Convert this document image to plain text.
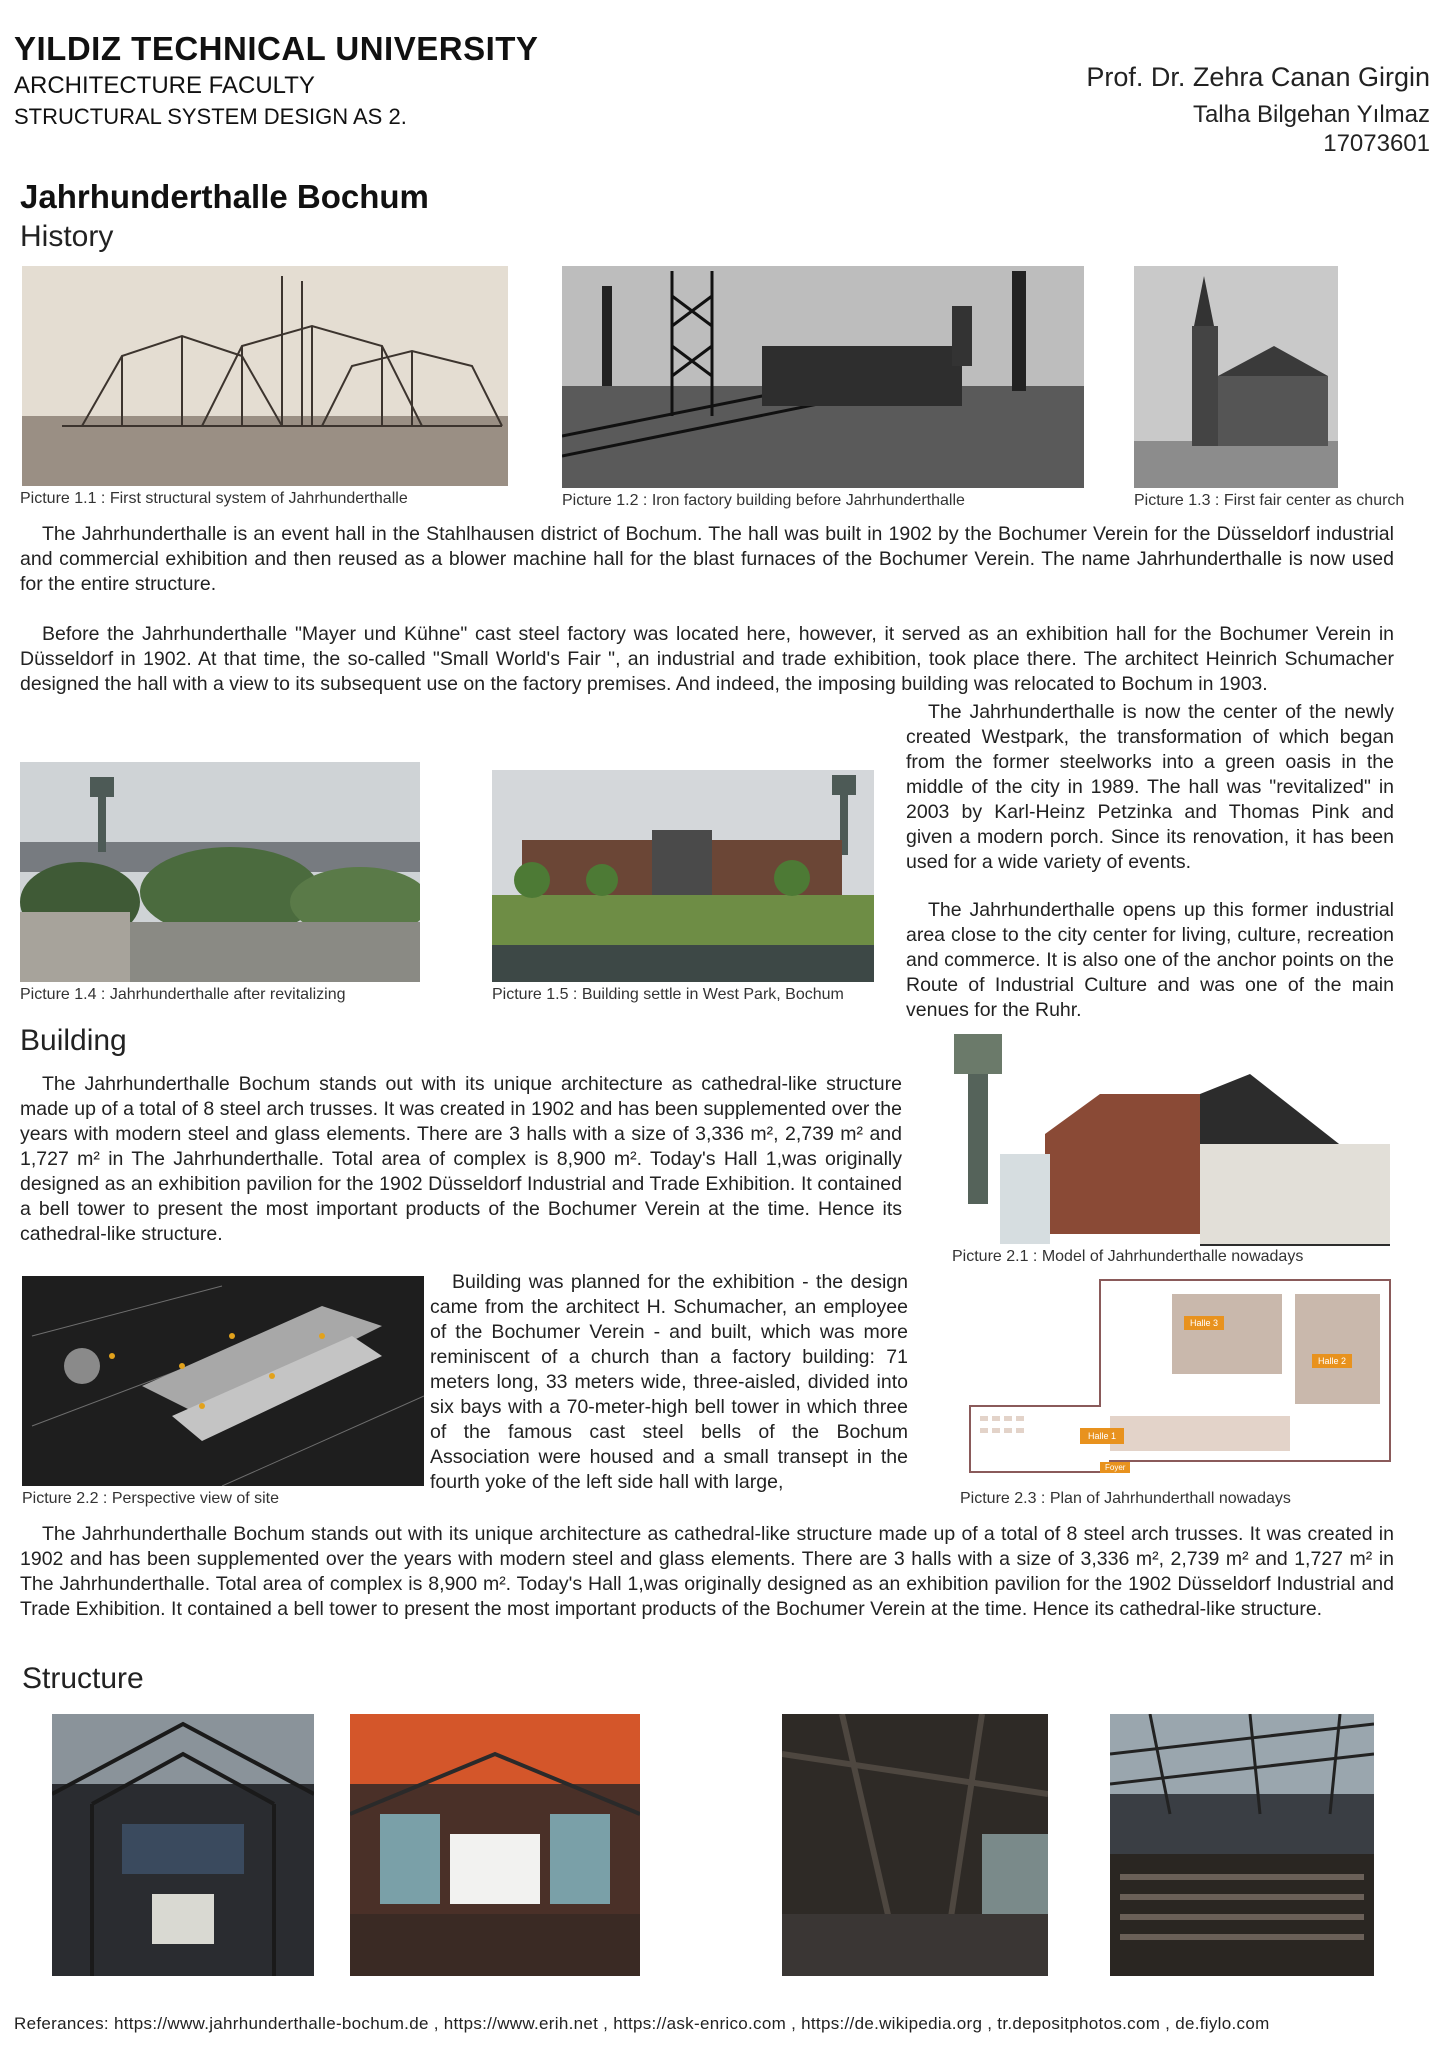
YILDIZ TECHNICAL UNIVERSITY
ARCHITECTURE FACULTY
STRUCTURAL SYSTEM DESIGN AS 2.
Prof. Dr. Zehra Canan Girgin
Talha Bilgehan Yılmaz
17073601
Jahrhunderthalle Bochum
History
Picture 1.1 : First structural system of Jahrhunderthalle	Picture 1.2 : Iron factory building before Jahrhunderthalle	Picture 1.3 : First fair center as church

The Jahrhunderthalle is an event hall in the Stahlhausen district of Bochum. The hall was built in 1902 by the Bochumer Verein for the Düsseldorf industrial and commercial exhibition and then reused as a blower machine hall for the blast furnaces of the Bochumer Verein. The name Jahrhunderthalle is now used for the entire structure.

Before the Jahrhunderthalle "Mayer und Kühne" cast steel factory was located here, however, it served as an exhibition hall for the Bochumer Verein in Düsseldorf in 1902. At that time, the so-called "Small World's Fair ", an industrial and trade exhibition, took place there. The architect Heinrich Schumacher designed the hall with a view to its subsequent use on the factory premises. And indeed, the imposing building was relocated to Bochum in 1903.

The Jahrhunderthalle is now the center of the newly created Westpark, the transformation of which began from the former steelworks into a green oasis in the middle of the city in 1989. The hall was "revitalized" in 2003 by Karl-Heinz Petzinka and Thomas Pink and given a modern porch. Since its renovation, it has been used for a wide variety of events.

The Jahrhunderthalle opens up this former industrial area close to the city center for living, culture, recreation and commerce. It is also one of the anchor points on the Route of Industrial Culture and was one of the main venues for the Ruhr.

Picture 1.4 : Jahrhunderthalle after revitalizing	Picture 1.5 : Building settle in West Park, Bochum
Building

The Jahrhunderthalle Bochum stands out with its unique architecture as cathedral-like structure made up of a total of 8 steel arch trusses. It was created in 1902 and has been supplemented over the years with modern steel and glass elements. There are 3 halls with a size of 3,336 m², 2,739 m² and 1,727 m² in The Jahrhunderthalle. Total area of complex is 8,900 m². Today's Hall 1,was originally designed as an exhibition pavilion for the 1902 Düsseldorf Industrial and Trade Exhibition. It contained a bell tower to present the most important products of the Bochumer Verein at the time. Hence its cathedral-like structure.

Picture 2.1 : Model of Jahrhunderthalle nowadays
Picture 2.2 : Perspective view of site

Building was planned for the exhibition - the design came from the architect H. Schumacher, an employee of the Bochumer Verein - and built, which was more reminiscent of a church than a factory building: 71 meters long, 33 meters wide, three-aisled, divided into six bays with a 70-meter-high bell tower in which three of the famous cast steel bells of the Bochum Association were housed and a small transept in the fourth yoke of the left side hall with large,

Halle 3
Halle 2
Halle 1
Foyer
Picture 2.3 : Plan of Jahrhunderthall nowadays

The Jahrhunderthalle Bochum stands out with its unique architecture as cathedral-like structure made up of a total of 8 steel arch trusses. It was created in 1902 and has been supplemented over the years with modern steel and glass elements. There are 3 halls with a size of 3,336 m², 2,739 m² and 1,727 m² in The Jahrhunderthalle. Total area of complex is 8,900 m². Today's Hall 1,was originally designed as an exhibition pavilion for the 1902 Düsseldorf Industrial and Trade Exhibition. It contained a bell tower to present the most important products of the Bochumer Verein at the time. Hence its cathedral-like structure.

Structure
Referances: https://www.jahrhunderthalle-bochum.de , https://www.erih.net , https://ask-enrico.com , https://de.wikipedia.org , tr.depositphotos.com , de.fiylo.com
